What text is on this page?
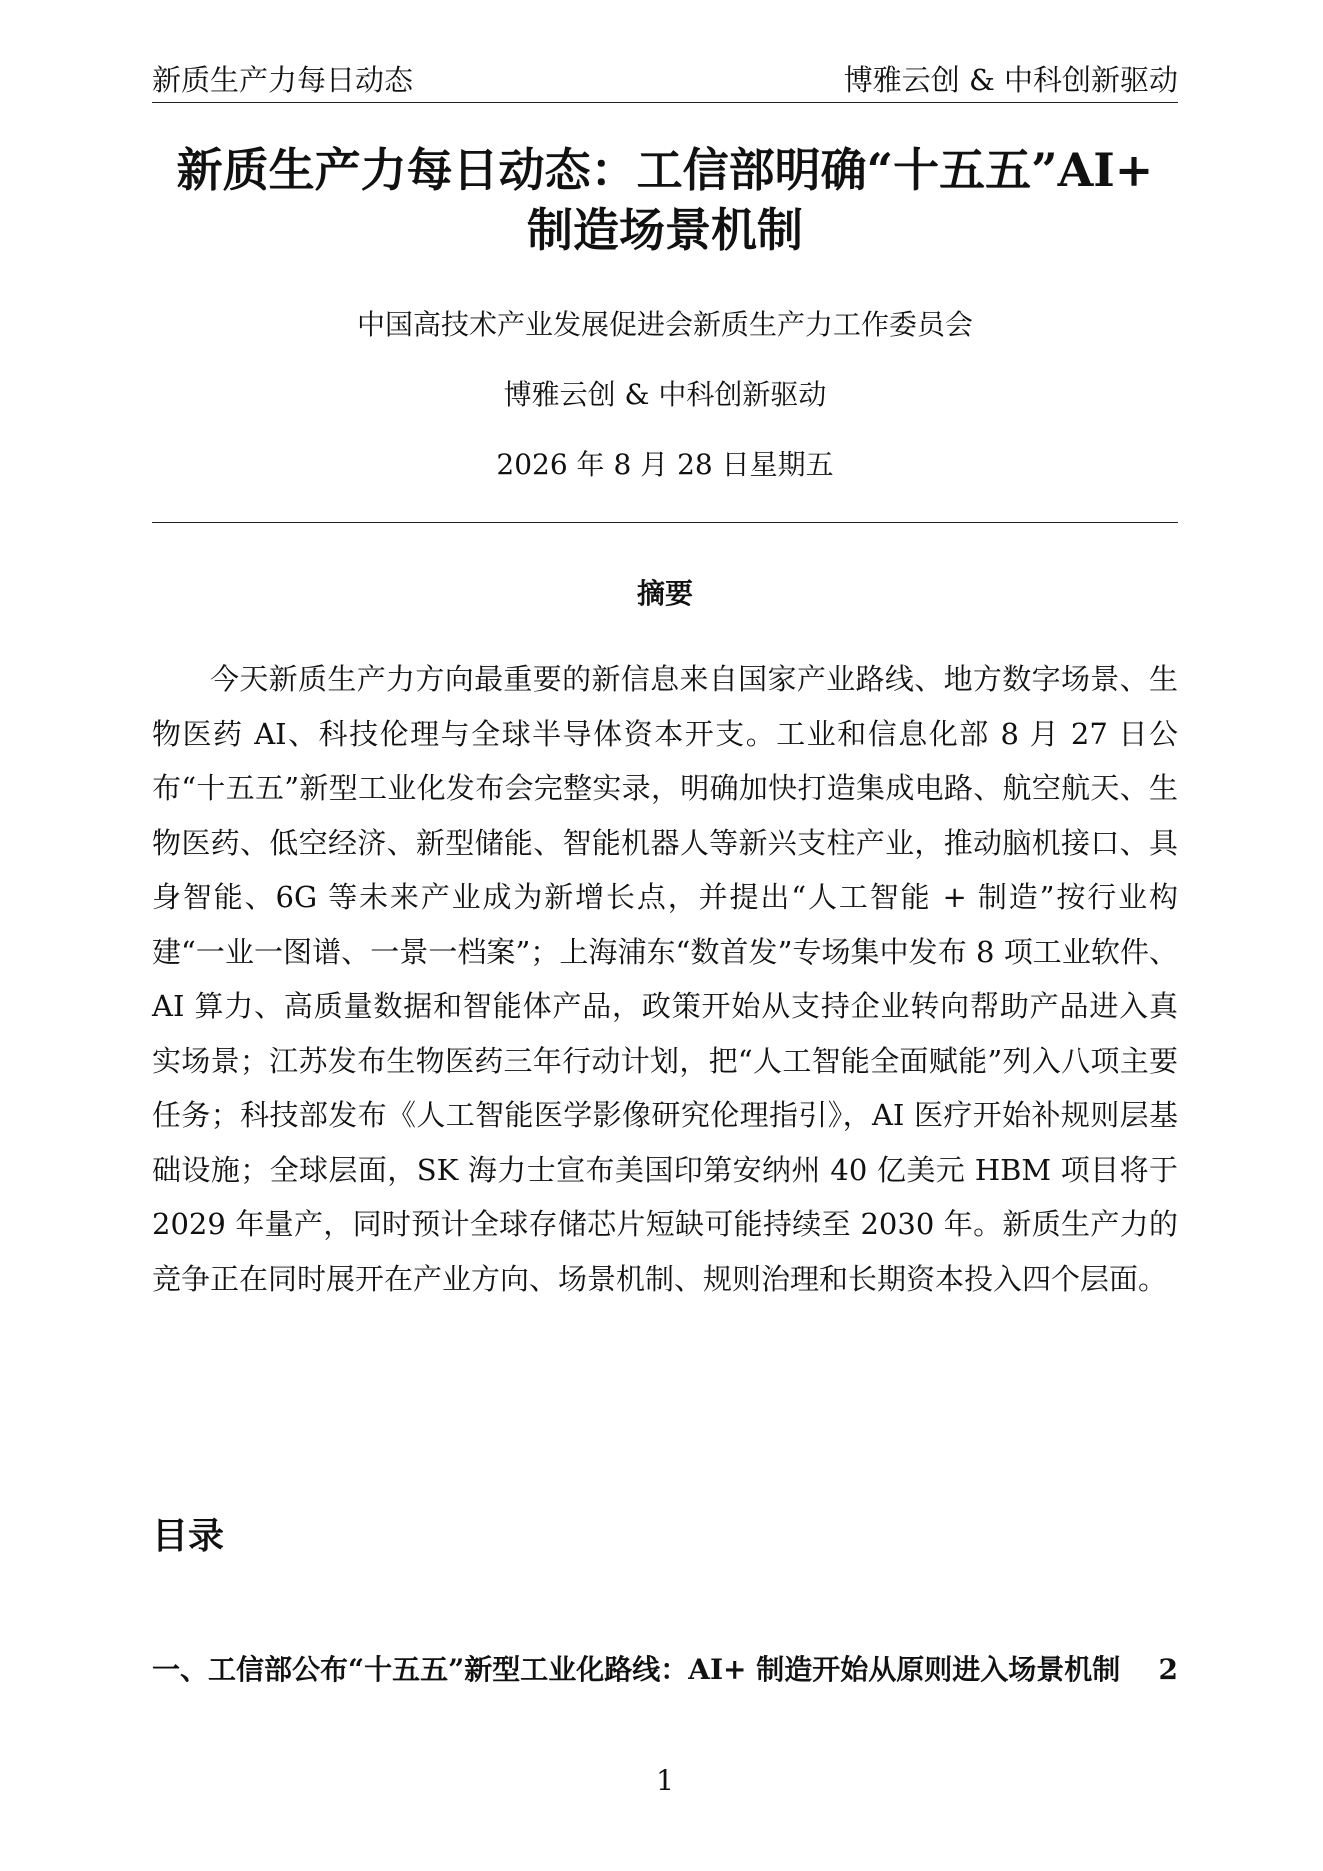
新质生产力每日动态	博雅云创 & 中科创新驱动
新质生产力每日动态：工信部明确“十五五”AI+ 制造场景机制
中国高技术产业发展促进会新质生产力工作委员会
博雅云创 & 中科创新驱动
2026 年 8 月 28 日星期五
摘要

今天新质生产力方向最重要的新信息来自国家产业路线、地方数字场景、生物医药 AI、科技伦理与全球半导体资本开支。工业和信息化部 8 月 27 日公布“十五五”新型工业化发布会完整实录，明确加快打造集成电路、航空航天、生物医药、低空经济、新型储能、智能机器人等新兴支柱产业，推动脑机接口、具身智能、6G 等未来产业成为新增长点，并提出“人工智能 + 制造”按行业构建“一业一图谱、一景一档案”；上海浦东“数首发”专场集中发布 8 项工业软件、AI 算力、高质量数据和智能体产品，政策开始从支持企业转向帮助产品进入真实场景；江苏发布生物医药三年行动计划，把“人工智能全面赋能”列入八项主要任务；科技部发布《人工智能医学影像研究伦理指引》，AI 医疗开始补规则层基础设施；全球层面，SK 海力士宣布美国印第安纳州 40 亿美元 HBM 项目将于 2029 年量产，同时预计全球存储芯片短缺可能持续至 2030 年。新质生产力的竞争正在同时展开在产业方向、场景机制、规则治理和长期资本投入四个层面。

目录
一、工信部公布“十五五”新型工业化路线：AI+ 制造开始从原则进入场景机制	2
1
